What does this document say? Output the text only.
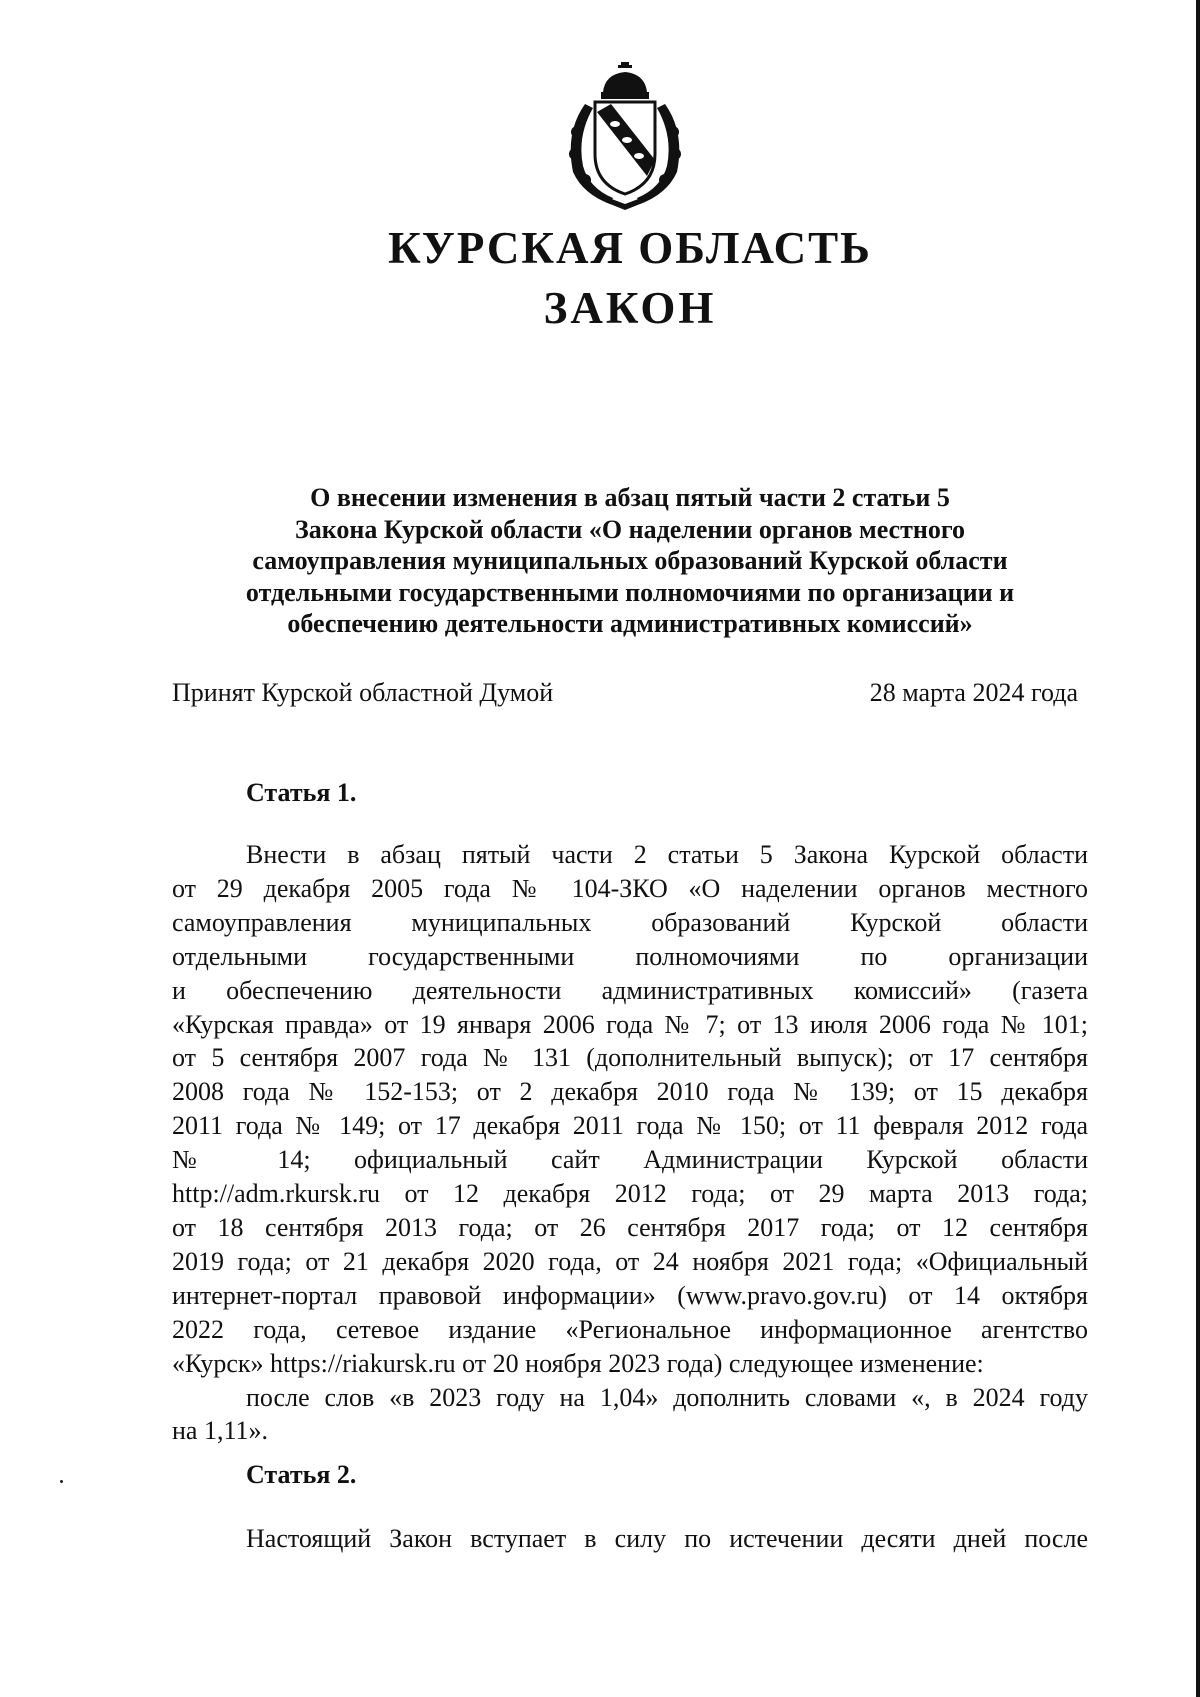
КУРСКАЯ ОБЛАСТЬ
ЗАКОН
О внесении изменения в абзац пятый части 2 статьи 5
Закона Курской области «О наделении органов местного
самоуправления муниципальных образований Курской области
отдельными государственными полномочиями по организации и
обеспечению деятельности административных комиссий»
Принят Курской областной Думой	28 марта 2024 года
Статья 1.
Внести в абзац пятый части 2 статьи 5 Закона Курской области
от 29 декабря 2005 года № 104-ЗКО «О наделении органов местного
самоуправления муниципальных образований Курской области
отдельными государственными полномочиями по организации
и обеспечению деятельности административных комиссий» (газета
«Курская правда» от 19 января 2006 года № 7; от 13 июля 2006 года № 101;
от 5 сентября 2007 года № 131 (дополнительный выпуск); от 17 сентября
2008 года № 152-153; от 2 декабря 2010 года № 139; от 15 декабря
2011 года № 149; от 17 декабря 2011 года № 150; от 11 февраля 2012 года
№ 14; официальный сайт Администрации Курской области
http://adm.rkursk.ru от 12 декабря 2012 года; от 29 марта 2013 года;
от 18 сентября 2013 года; от 26 сентября 2017 года; от 12 сентября
2019 года; от 21 декабря 2020 года, от 24 ноября 2021 года; «Официальный
интернет-портал правовой информации» (www.pravo.gov.ru) от 14 октября
2022 года, сетевое издание «Региональное информационное агентство
«Курск» https://riakursk.ru от 20 ноября 2023 года) следующее изменение:
после слов «в 2023 году на 1,04» дополнить словами «, в 2024 году
на 1,11».
Статья 2.
Настоящий Закон вступает в силу по истечении десяти дней после
